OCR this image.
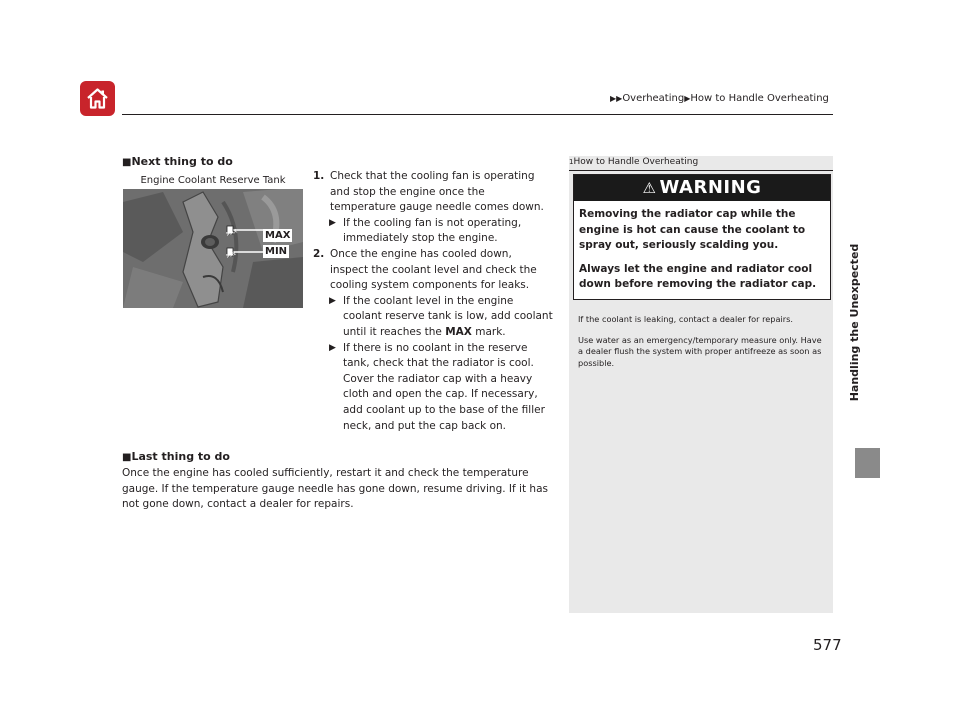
▶▶Overheating▶How to Handle Overheating
Handling the Unexpected
■Next thing to do
MAX
MIN
Engine Coolant Reserve Tank
MAX
MIN
1. Check that the cooling fan is operating and stop the engine once the temperature gauge needle comes down.
▶ If the cooling fan is not operating, immediately stop the engine.
2. Once the engine has cooled down, inspect the coolant level and check the cooling system components for leaks.
▶ If the coolant level in the engine coolant reserve tank is low, add coolant until it reaches the MAX mark.
▶ If there is no coolant in the reserve tank, check that the radiator is cool. Cover the radiator cap with a heavy cloth and open the cap. If necessary, add coolant up to the base of the filler neck, and put the cap back on.
■Last thing to do
Once the engine has cooled sufficiently, restart it and check the temperature gauge. If the temperature gauge needle has gone down, resume driving. If it has not gone down, contact a dealer for repairs.
1How to Handle Overheating
⚠ WARNING

Removing the radiator cap while the engine is hot can cause the coolant to spray out, seriously scalding you.

Always let the engine and radiator cool down before removing the radiator cap.

If the coolant is leaking, contact a dealer for repairs.

Use water as an emergency/temporary measure only. Have a dealer flush the system with proper antifreeze as soon as possible.

577
